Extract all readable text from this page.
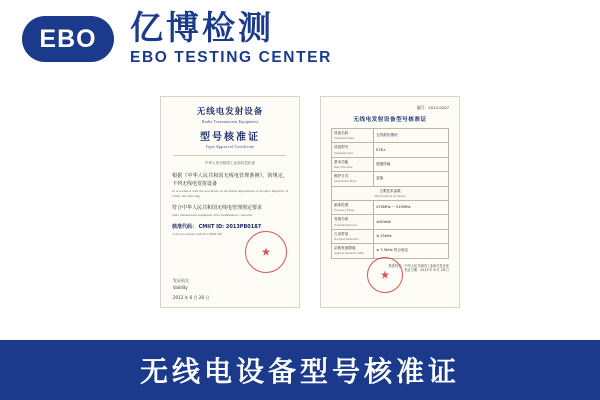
EBO	亿博检测
EBO TESTING CENTER
无线电发射设备
Radio Transmission Equipment
型号核准证
Type Approval Certificate
中华人民共和国工业和信息化部
根据《中华人民共和国无线电管理条例》、的规定，下列无线电发射设备
In accordance with the provisions on the Radio Regulations of People's Republic of China, the following
符合中华人民共和国无线电管理规定要求
radio transmission equipment, after examination, conforms
核准代码： CMIIT ID: 2013PB0187
to the provisions with the CMIIT ID:
发证机关
Validity
2013 年 6 月 28 日
编号： 2013-0207
无线电发射设备型号核准证
设备名称
Equipment Name	无线数传模块
设备型号
Equipment Type	E78-L
基本功能
Basic Functions	数据传输
维护方式
Maintenance Mode	更换
主要技术参数
Main Technical Parameters	

频率范围
Frequency Range	470MHz ~ 510MHz
发射功率
Transmitting Power	≤50mW
占用带宽
Occupied Bandwidth	≤ 25kHz
杂散发射限值
Spurious Emission Limits	≤ 7.5kHz 符合规定
核准机关：中华人民共和国工业和信息化部
发证日期：2013 年 6 月 28 日
无线电设备型号核准证
